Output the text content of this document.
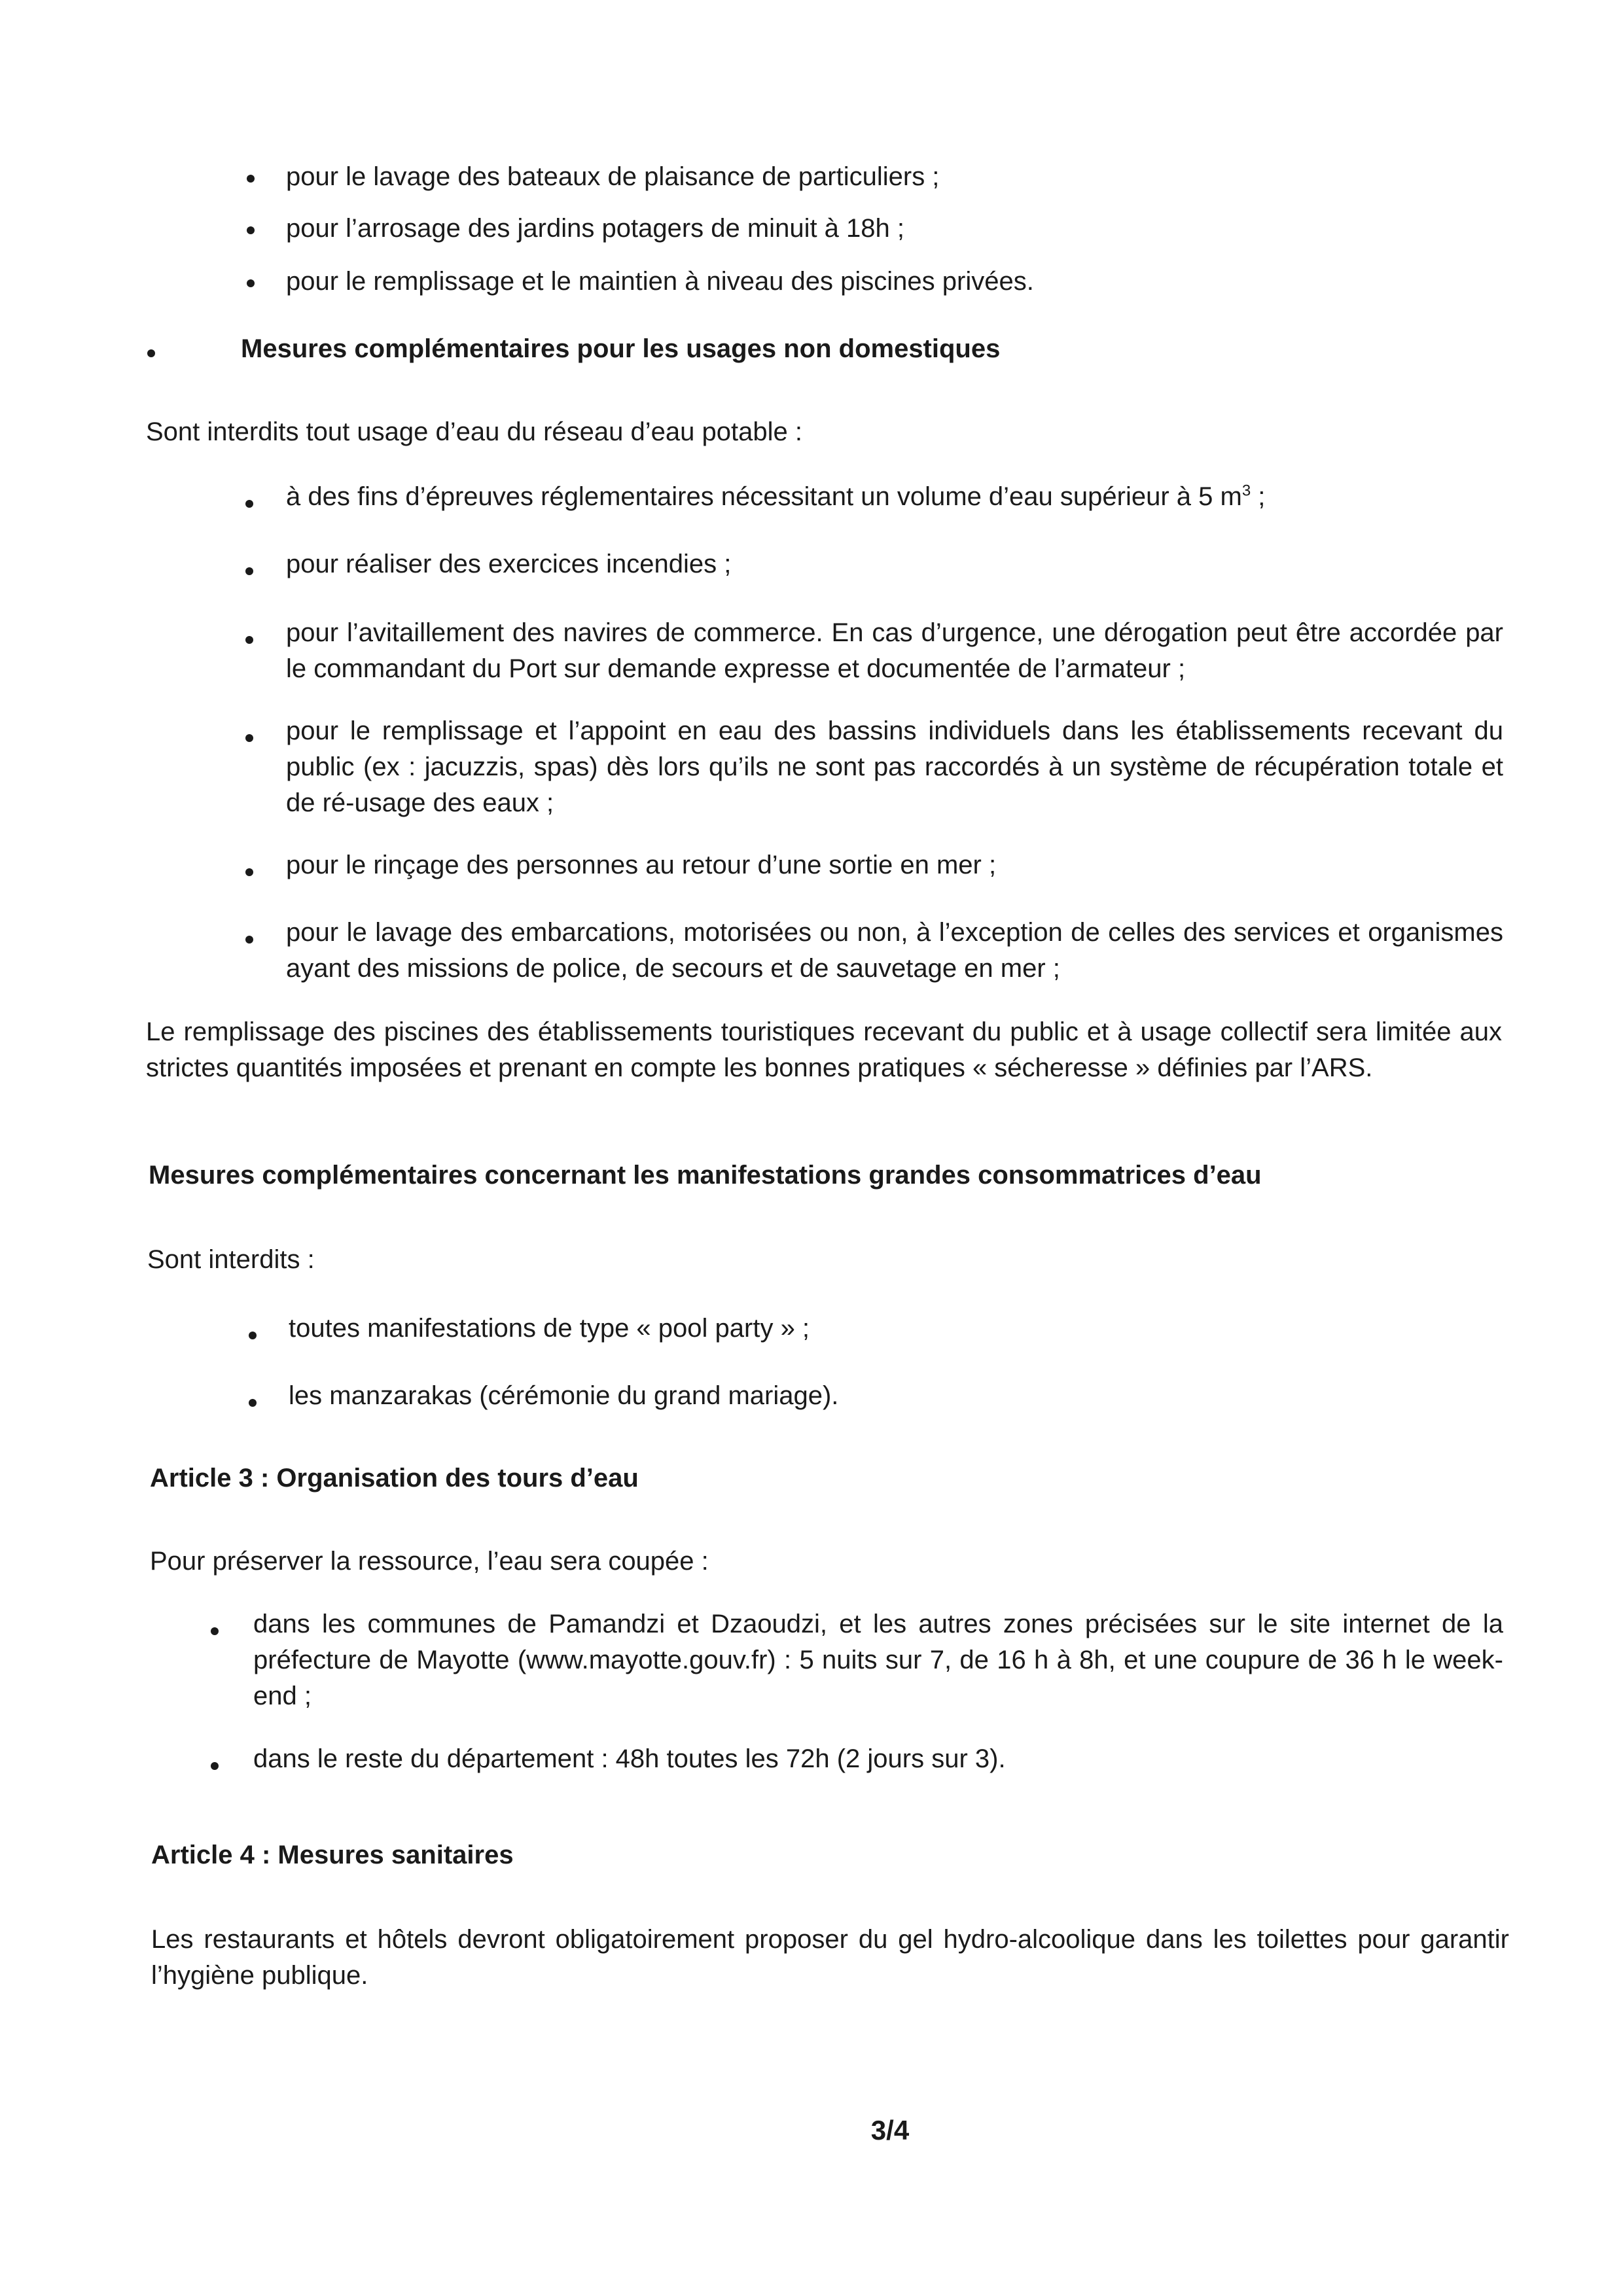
pour le lavage des bateaux de plaisance de particuliers ;

pour l’arrosage des jardins potagers de minuit à 18h ;

pour le remplissage et le maintien à niveau des piscines privées.

Mesures complémentaires pour les usages non domestiques

Sont interdits tout usage d’eau du réseau d’eau potable :

à des fins d’épreuves réglementaires nécessitant un volume d’eau supérieur à 5 $m^3$ ;

pour réaliser des exercices incendies ;

pour l’avitaillement des navires de commerce. En cas d’urgence, une dérogation peut être accordée par le commandant du Port sur demande expresse et documentée de l’armateur ;

pour le remplissage et l’appoint en eau des bassins individuels dans les établissements recevant du public (ex : jacuzzis, spas) dès lors qu’ils ne sont pas raccordés à un système de récupération totale et de ré-usage des eaux ;

pour le rinçage des personnes au retour d’une sortie en mer ;

pour le lavage des embarcations, motorisées ou non, à l’exception de celles des services et organismes ayant des missions de police, de secours et de sauvetage en mer ;

Le remplissage des piscines des établissements touristiques recevant du public et à usage collectif sera limitée aux strictes quantités imposées et prenant en compte les bonnes pratiques « sécheresse » définies par l’ARS.

Mesures complémentaires concernant les manifestations grandes consommatrices d’eau

Sont interdits :

toutes manifestations de type « pool party » ;

les manzarakas (cérémonie du grand mariage).

Article 3 : Organisation des tours d’eau

Pour préserver la ressource, l’eau sera coupée :

dans les communes de Pamandzi et Dzaoudzi, et les autres zones précisées sur le site internet de la préfecture de Mayotte (www.mayotte.gouv.fr) : 5 nuits sur 7, de 16 h à 8h, et une coupure de 36 h le week-end ;

dans le reste du département : 48h toutes les 72h (2 jours sur 3).

Article 4 : Mesures sanitaires

Les restaurants et hôtels devront obligatoirement proposer du gel hydro-alcoolique dans les toilettes pour garantir l’hygiène publique.

3/4
